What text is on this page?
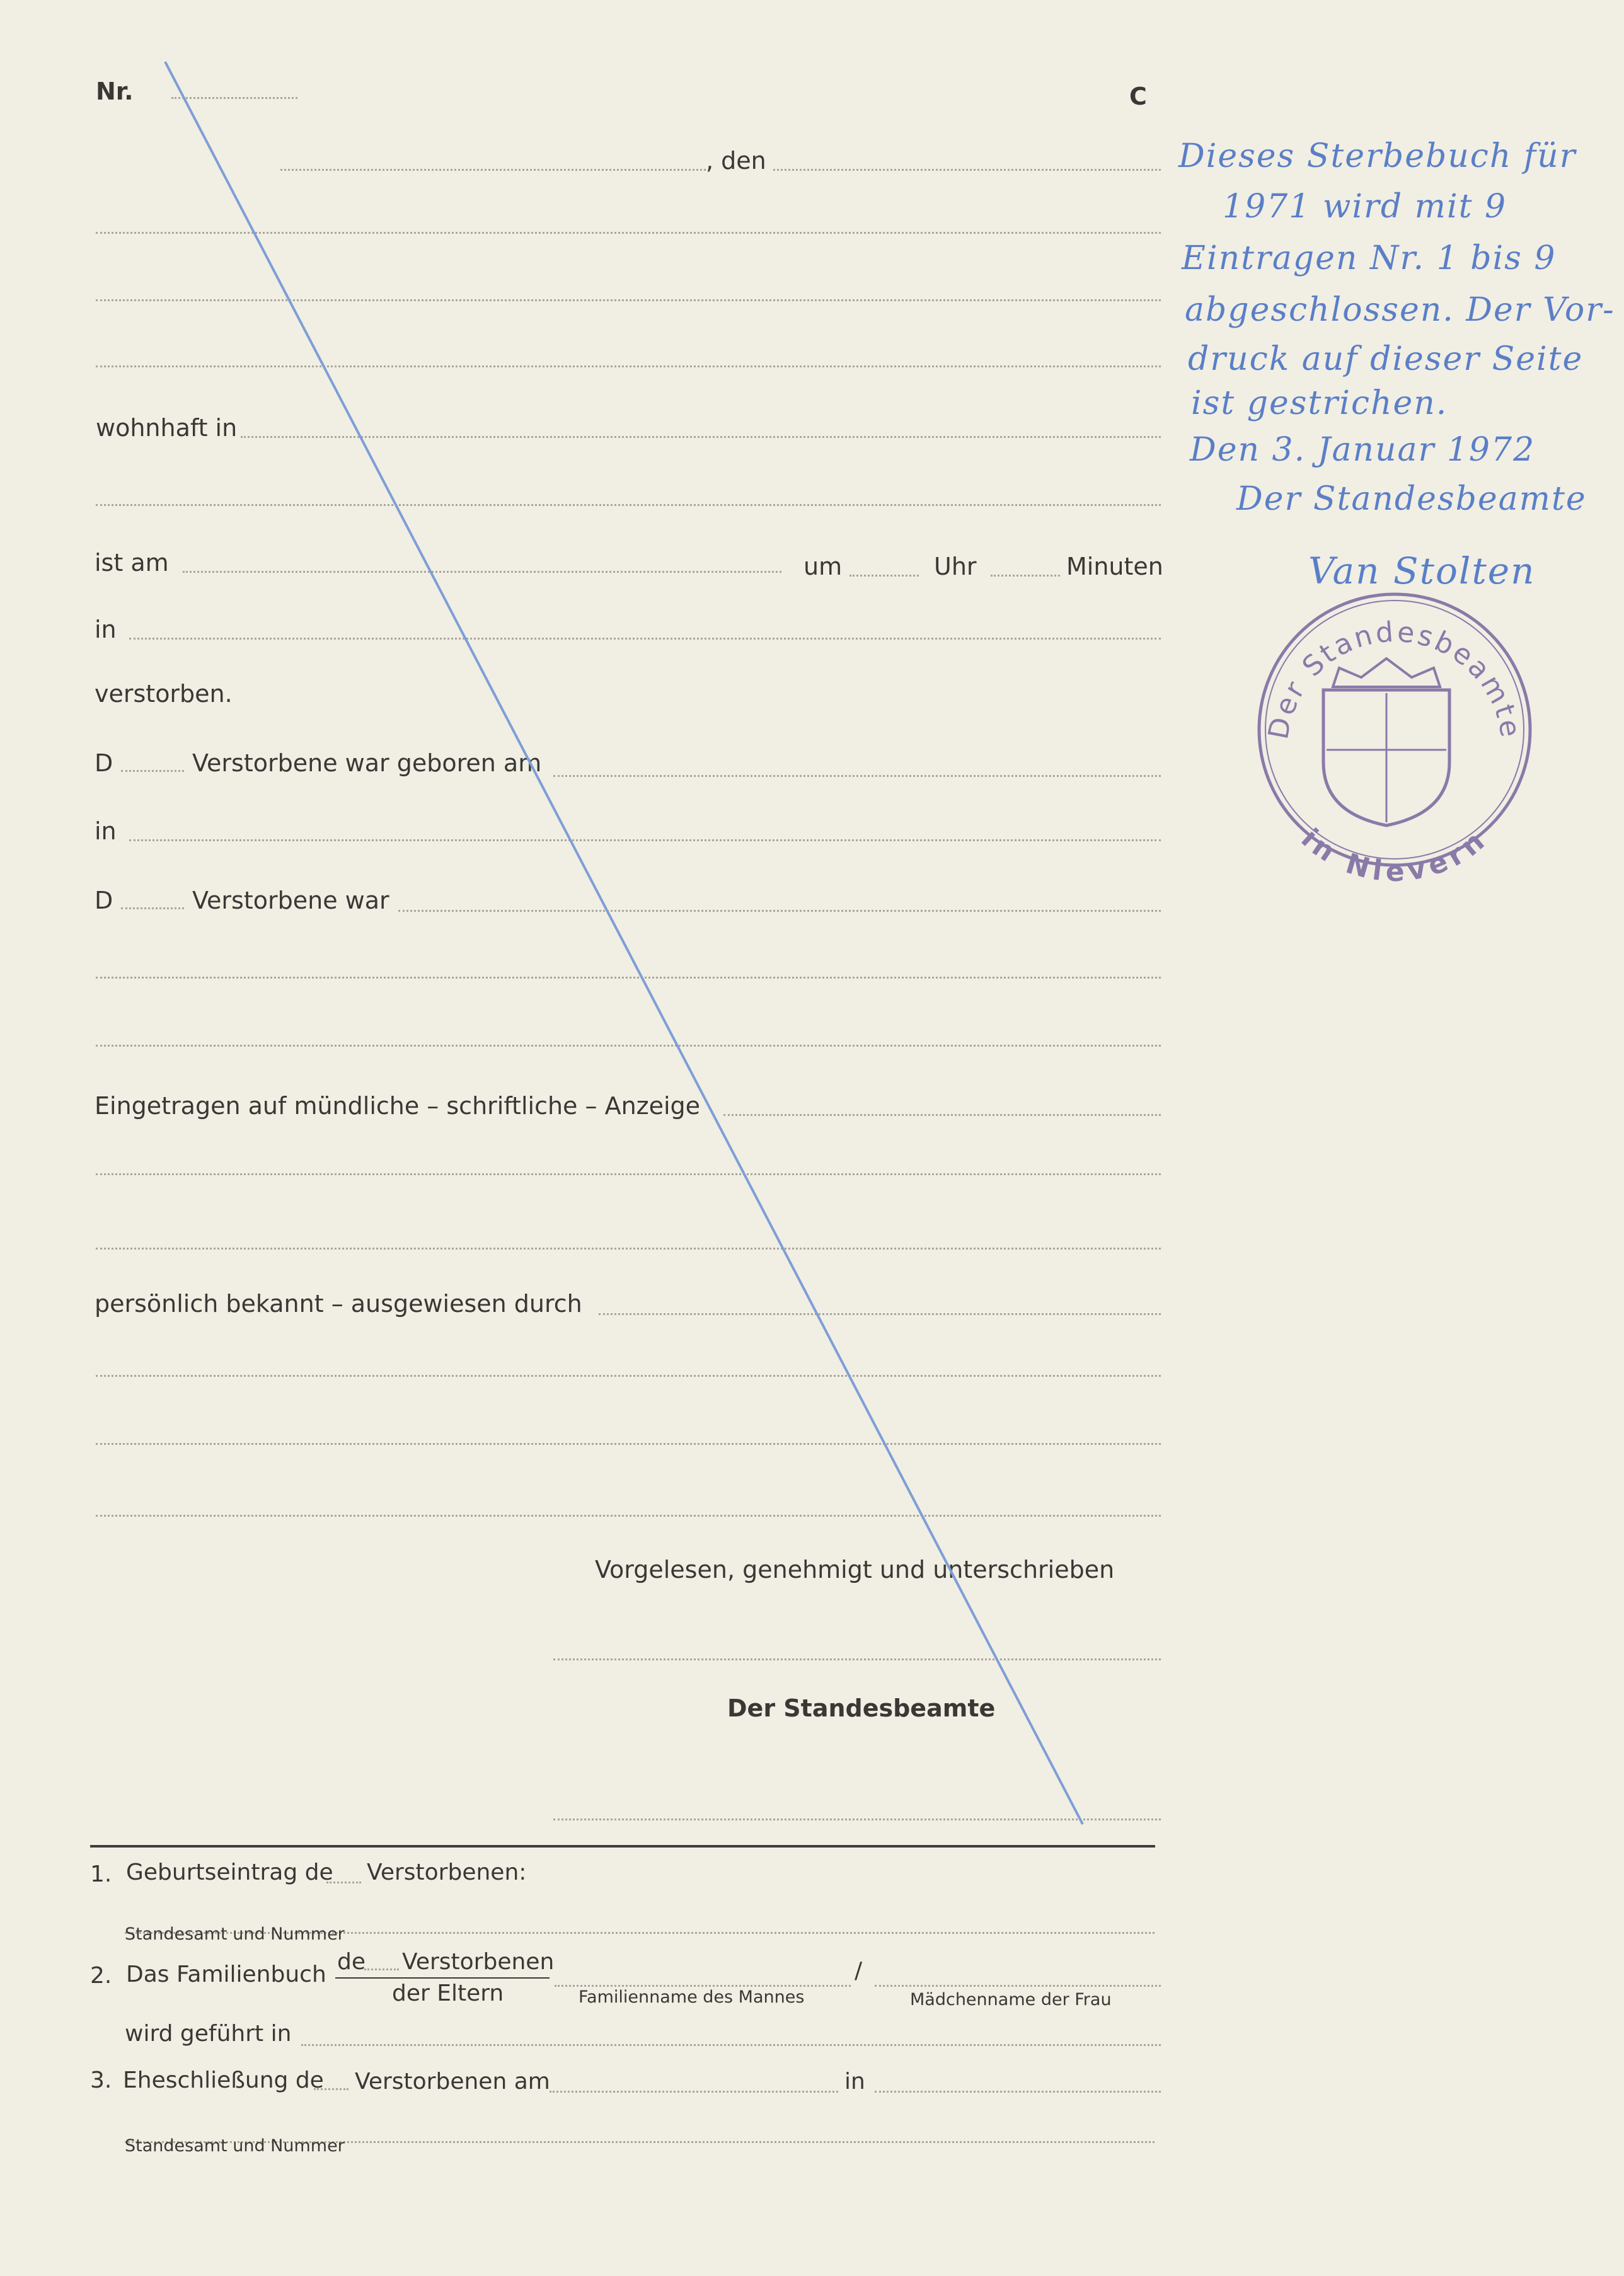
Nr.	C
, den
wohnhaft in
ist am	um	Uhr	Minuten
in
verstorben.
D	Verstorbene war geboren am
in
D	Verstorbene war
Eingetragen auf mündliche – schriftliche – Anzeige
persönlich bekannt – ausgewiesen durch
Vorgelesen, genehmigt und unterschrieben
Der Standesbeamte
1. Geburtseintrag de Verstorbenen:
Standesamt und Nummer
2. Das Familienbuch de Verstorbenen
der Eltern	Familienname des Mannes
/
Mädchenname der Frau
wird geführt in
3. Eheschließung de Verstorbenen am	in
Standesamt und Nummer
Dieses Sterbebuch für
1971 wird mit 9
Eintragen Nr. 1 bis 9
abgeschlossen. Der Vor-
druck auf dieser Seite
ist gestrichen.
Den 3. Januar 1972
Der Standesbeamte
Van Stolten
Der Standesbeamte
in Nievern
